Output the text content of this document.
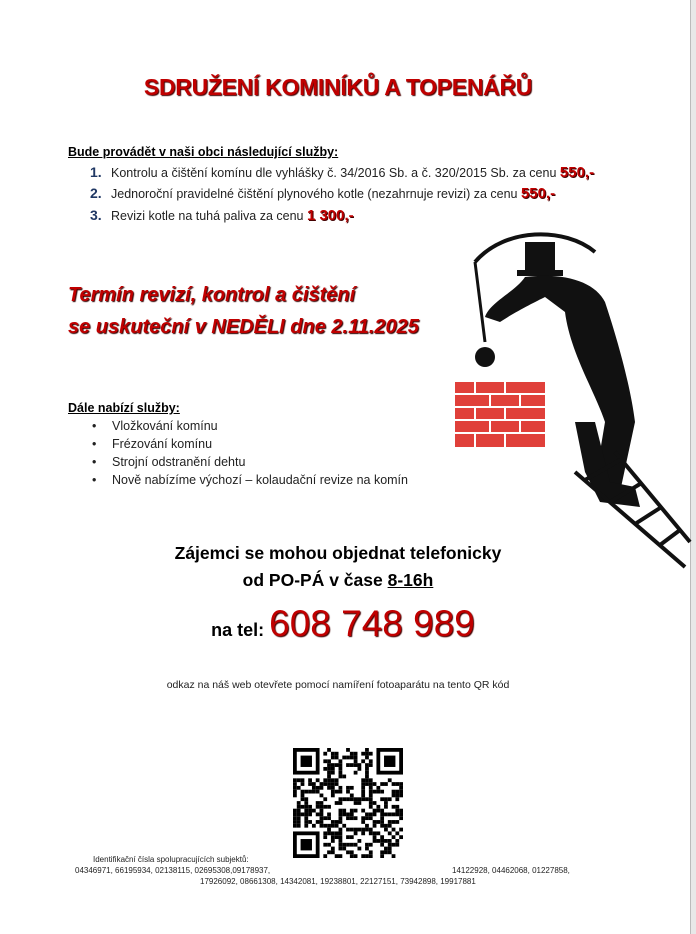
SDRUŽENÍ KOMINÍKŮ A TOPENÁŘŮ
Bude provádět v naši obci následující služby:
1. Kontrolu a čištění komínu dle vyhlášky č. 34/2016 Sb. a č. 320/2015 Sb. za cenu 550,-
2. Jednoroční pravidelné čištění plynového kotle (nezahrnuje revizi) za cenu 550,-
3. Revizi kotle na tuhá paliva za cenu 1 300,-
Termín revizí, kontrol a čištění
se uskuteční v NEDĚLI dne 2.11.2025
Dále nabízí služby:
• Vložkování komínu
• Frézování komínu
• Strojní odstranění dehtu
• Nově nabízíme výchozí – kolaudační revize na komín
Zájemci se mohou objednat telefonicky
od PO-PÁ v čase 8-16h
na tel: 608 748 989
odkaz na náš web otevřete pomocí namíření fotoaparátu na tento QR kód
Identifikační čísla spolupracujících subjektů:
04346971, 66195934, 02138115, 02695308,09178937,	14122928, 04462068, 01227858,
17926092, 08661308, 14342081, 19238801, 22127151, 73942898, 19917881
